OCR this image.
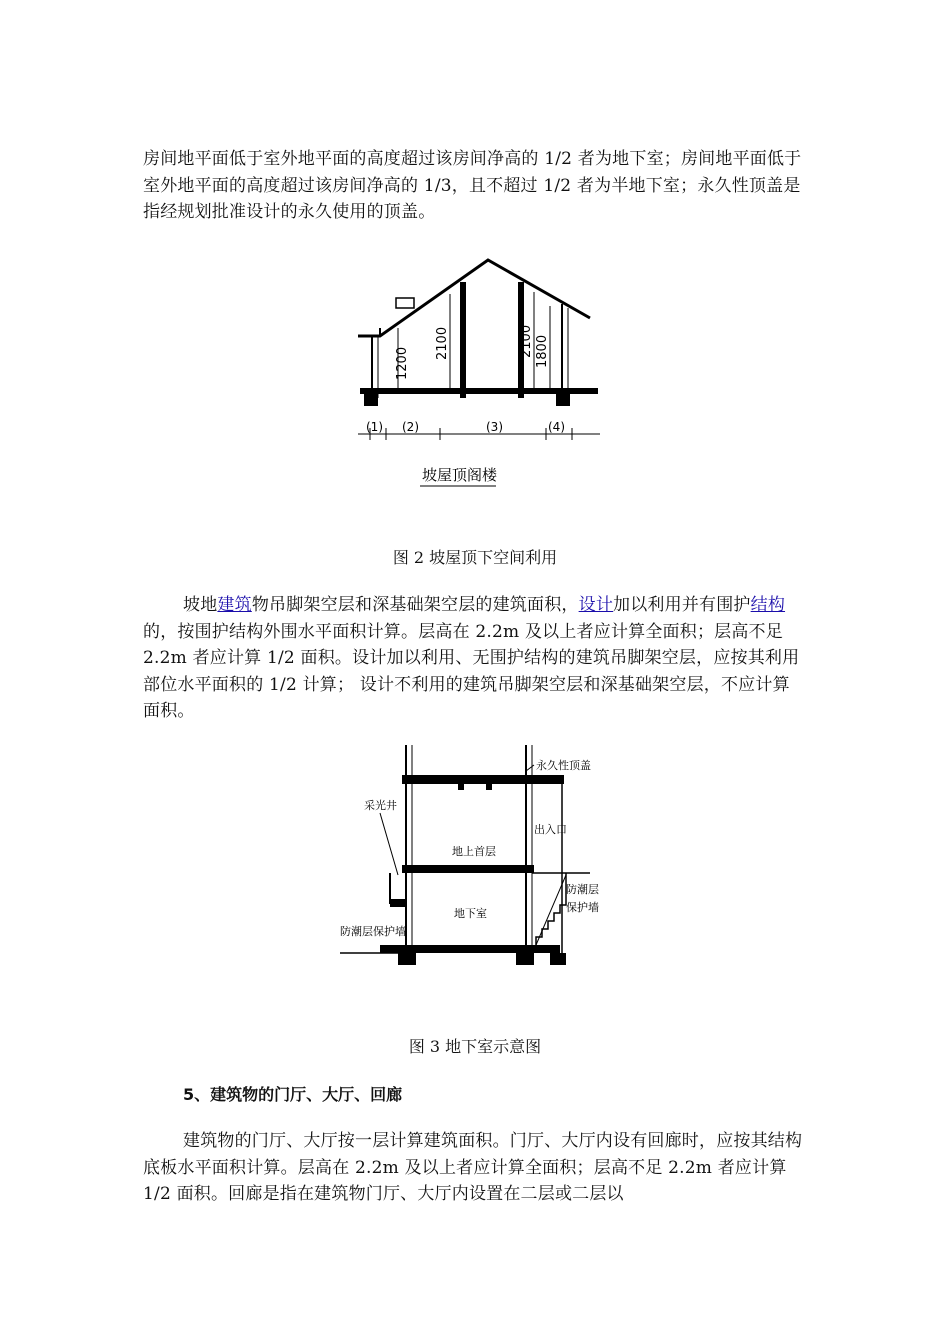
房间地平面低于室外地平面的高度超过该房间净高的 1/2 者为地下室；房间地平面低于室外地平面的高度超过该房间净高的 1/3，且不超过 1/2 者为半地下室；永久性顶盖是指经规划批准设计的永久使用的顶盖。

1200
2100	2100 1800
(1) (2)	(3)	(4)
坡屋顶阁楼

图 2 坡屋顶下空间利用

坡地建筑物吊脚架空层和深基础架空层的建筑面积，设计加以利用并有围护结构的，按围护结构外围水平面积计算。层高在 2.2m 及以上者应计算全面积；层高不足 2.2m 者应计算 1/2 面积。设计加以利用、无围护结构的建筑吊脚架空层，应按其利用部位水平面积的 1/2 计算； 设计不利用的建筑吊脚架空层和深基础架空层，不应计算面积。

永久性顶盖
采光井
出入口
地上首层
地下室
防潮层
保护墙
防潮层保护墙

图 3 地下室示意图

5、建筑物的门厅、大厅、回廊

建筑物的门厅、大厅按一层计算建筑面积。门厅、大厅内设有回廊时，应按其结构底板水平面积计算。层高在 2.2m 及以上者应计算全面积；层高不足 2.2m 者应计算 1/2 面积。回廊是指在建筑物门厅、大厅内设置在二层或二层以
